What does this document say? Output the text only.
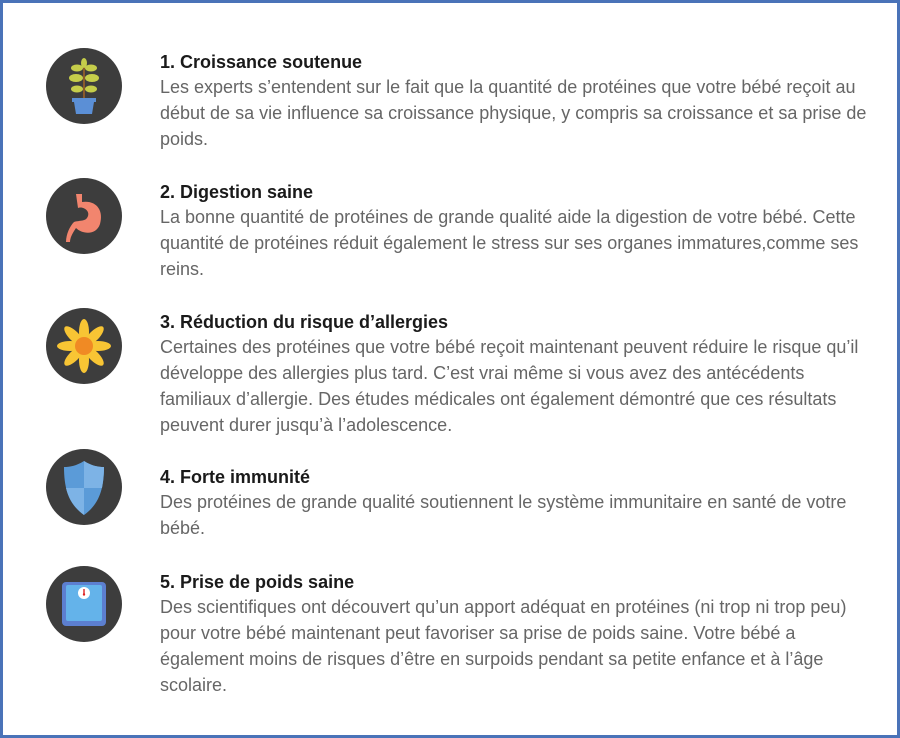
1. Croissance soutenue
Les experts s’entendent sur le fait que la quantité de protéines que votre bébé reçoit au début de sa vie influence sa croissance physique, y compris sa croissance et sa prise de poids.
2. Digestion saine
La bonne quantité de protéines de grande qualité aide la digestion de votre bébé. Cette quantité de protéines réduit également le stress sur ses organes immatures,comme ses reins.
3. Réduction du risque d’allergies
Certaines des protéines que votre bébé reçoit maintenant peuvent réduire le risque qu’il développe des allergies plus tard. C’est vrai même si vous avez des antécédents familiaux d’allergie. Des études médicales ont également démontré que ces résultats peuvent durer jusqu’à l’adolescence.
4. Forte immunité
Des protéines de grande qualité soutiennent le système immunitaire en santé de votre bébé.
5. Prise de poids saine
Des scientifiques ont découvert qu’un apport adéquat en protéines (ni trop ni trop peu) pour votre bébé maintenant peut favoriser sa prise de poids saine. Votre bébé a également moins de risques d’être en surpoids pendant sa petite enfance et à l’âge scolaire.
